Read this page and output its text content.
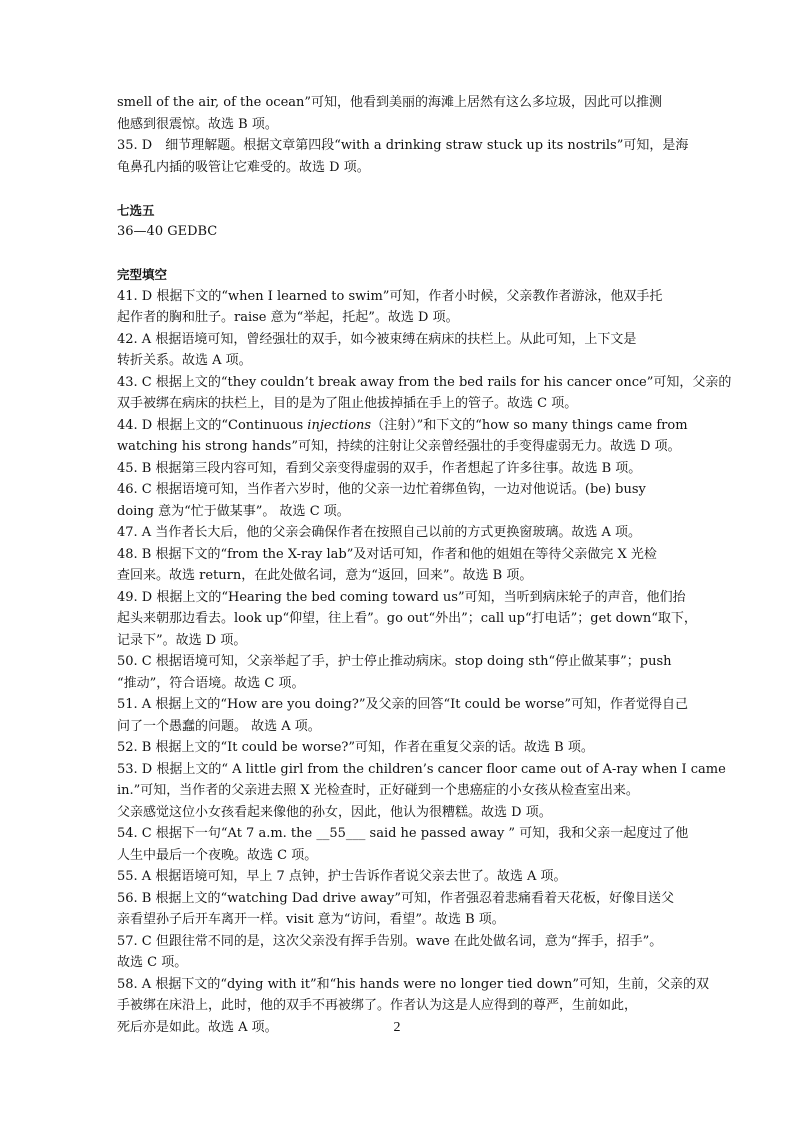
smell of the air, of the ocean”可知，他看到美丽的海滩上居然有这么多垃圾，因此可以推测
他感到很震惊。故选 B 项。
35. D　细节理解题。根据文章第四段“with a drinking straw stuck up its nostrils”可知，是海
龟鼻孔内插的吸管让它难受的。故选 D 项。
七选五
36—40 GEDBC
完型填空
41. D 根据下文的“when I learned to swim”可知，作者小时候，父亲教作者游泳，他双手托
起作者的胸和肚子。raise 意为“举起，托起”。故选 D 项。
42. A 根据语境可知，曾经强壮的双手，如今被束缚在病床的扶栏上。从此可知，上下文是
转折关系。故选 A 项。
43. C 根据上文的“they couldn’t break away from the bed rails for his cancer once”可知，父亲的
双手被绑在病床的扶栏上，目的是为了阻止他拔掉插在手上的管子。故选 C 项。
44. D 根据上文的“Continuous injections（注射）”和下文的“how so many things came from
watching his strong hands”可知，持续的注射让父亲曾经强壮的手变得虚弱无力。故选 D 项。
45. B 根据第三段内容可知，看到父亲变得虚弱的双手，作者想起了许多往事。故选 B 项。
46. C 根据语境可知，当作者六岁时，他的父亲一边忙着绑鱼钩，一边对他说话。(be) busy
doing 意为“忙于做某事”。 故选 C 项。
47. A 当作者长大后，他的父亲会确保作者在按照自己以前的方式更换窗玻璃。故选 A 项。
48. B 根据下文的“from the X-ray lab”及对话可知，作者和他的姐姐在等待父亲做完 X 光检
查回来。故选 return，在此处做名词，意为“返回，回来”。故选 B 项。
49. D 根据上文的“Hearing the bed coming toward us”可知，当听到病床轮子的声音，他们抬
起头来朝那边看去。look up“仰望，往上看”。go out“外出”；call up“打电话”；get down“取下，
记录下”。故选 D 项。
50. C 根据语境可知，父亲举起了手，护士停止推动病床。stop doing sth“停止做某事”；push
“推动”，符合语境。故选 C 项。
51. A 根据上文的“How are you doing?”及父亲的回答“It could be worse”可知，作者觉得自己
问了一个愚蠢的问题。 故选 A 项。
52. B 根据上文的“It could be worse?”可知，作者在重复父亲的话。故选 B 项。
53. D 根据上文的“ A little girl from the children’s cancer floor came out of A-ray when I came
in.”可知，当作者的父亲进去照 X 光检查时，正好碰到一个患癌症的小女孩从检查室出来。
父亲感觉这位小女孩看起来像他的孙女，因此，他认为很糟糕。故选 D 项。
54. C 根据下一句“At 7 a.m. the __55___ said he passed away ” 可知，我和父亲一起度过了他
人生中最后一个夜晚。故选 C 项。
55. A 根据语境可知，早上 7 点钟，护士告诉作者说父亲去世了。故选 A 项。
56. B 根据上文的“watching Dad drive away”可知，作者强忍着悲痛看着天花板，好像目送父
亲看望孙子后开车离开一样。visit 意为“访问，看望”。故选 B 项。
57. C 但跟往常不同的是，这次父亲没有挥手告别。wave 在此处做名词，意为“挥手，招手”。
故选 C 项。
58. A 根据下文的“dying with it”和“his hands were no longer tied down”可知，生前，父亲的双
手被绑在床沿上，此时，他的双手不再被绑了。作者认为这是人应得到的尊严，生前如此，
死后亦是如此。故选 A 项。	2
